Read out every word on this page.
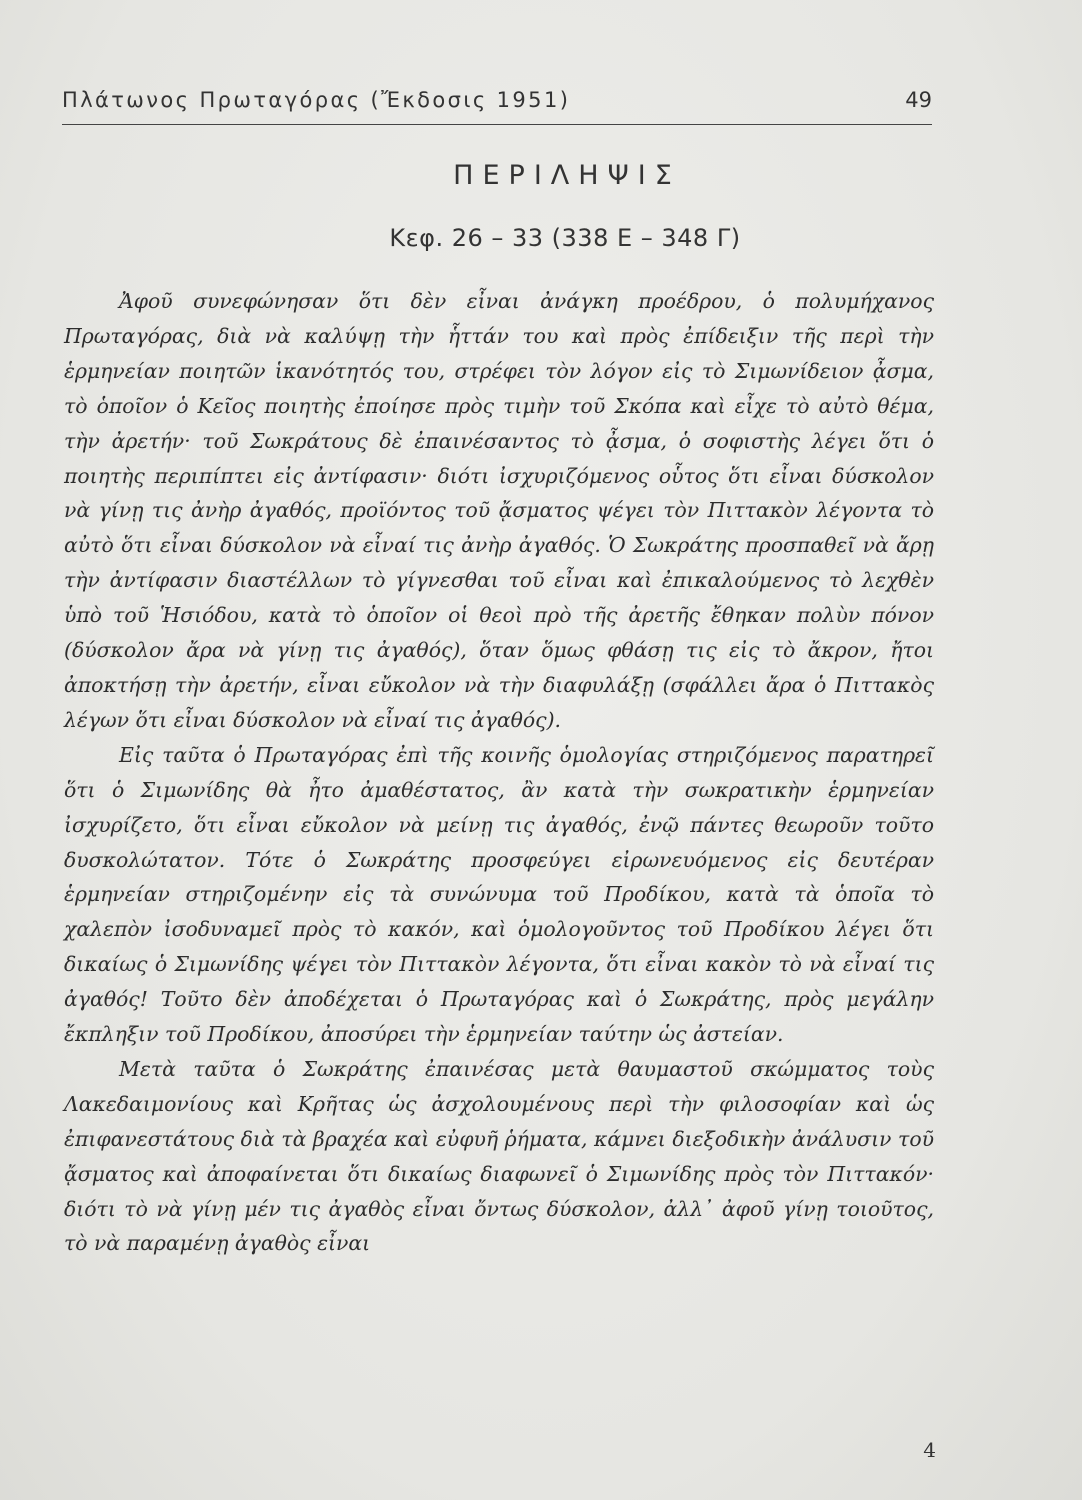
Πλάτωνος Πρωταγόρας (Ἔκδοσις 1951)	49
ΠΕΡΙΛΗΨΙΣ
Κεφ. 26 – 33 (338 Ε – 348 Γ)

Ἀφοῦ συνεφώνησαν ὅτι δὲν εἶναι ἀνάγκη προέδρου, ὁ πολυμήχανος Πρωταγόρας, διὰ νὰ καλύψῃ τὴν ἧττάν του καὶ πρὸς ἐπίδειξιν τῆς περὶ τὴν ἑρμηνείαν ποιητῶν ἱκανότητός του, στρέφει τὸν λόγον εἰς τὸ Σιμωνίδειον ᾆσμα, τὸ ὁποῖον ὁ Κεῖος ποιητὴς ἐποίησε πρὸς τιμὴν τοῦ Σκόπα καὶ εἶχε τὸ αὐτὸ θέμα, τὴν ἀρετήν· τοῦ Σωκράτους δὲ ἐπαινέσαντος τὸ ᾆσμα, ὁ σοφιστὴς λέγει ὅτι ὁ ποιητὴς περιπίπτει εἰς ἀντίφασιν· διότι ἰσχυριζόμενος οὗτος ὅτι εἶναι δύσκολον νὰ γίνῃ τις ἀνὴρ ἀγαθός, προϊόντος τοῦ ᾄσματος ψέγει τὸν Πιττακὸν λέγοντα τὸ αὐτὸ ὅτι εἶναι δύσκολον νὰ εἶναί τις ἀνὴρ ἀγαθός. Ὁ Σωκράτης προσπαθεῖ νὰ ἄρῃ τὴν ἀντίφασιν διαστέλλων τὸ γίγνεσθαι τοῦ εἶναι καὶ ἐπικαλούμενος τὸ λεχθὲν ὑπὸ τοῦ Ἡσιόδου, κατὰ τὸ ὁποῖον οἱ θεοὶ πρὸ τῆς ἀρετῆς ἔθηκαν πολὺν πόνον (δύσκολον ἄρα νὰ γίνῃ τις ἀγαθός), ὅταν ὅμως φθάσῃ τις εἰς τὸ ἄκρον, ἤτοι ἀποκτήσῃ τὴν ἀρετήν, εἶναι εὔκολον νὰ τὴν διαφυλάξῃ (σφάλλει ἄρα ὁ Πιττακὸς λέγων ὅτι εἶναι δύσκολον νὰ εἶναί τις ἀγαθός).

Εἰς ταῦτα ὁ Πρωταγόρας ἐπὶ τῆς κοινῆς ὁμολογίας στηριζόμενος παρατηρεῖ ὅτι ὁ Σιμωνίδης θὰ ἦτο ἀμαθέστατος, ἂν κατὰ τὴν σωκρατικὴν ἑρμηνείαν ἰσχυρίζετο, ὅτι εἶναι εὔκολον νὰ μείνῃ τις ἀγαθός, ἐνῷ πάντες θεωροῦν τοῦτο δυσκολώτατον. Τότε ὁ Σωκράτης προσφεύγει εἰρωνευόμενος εἰς δευτέραν ἑρμηνείαν στηριζομένην εἰς τὰ συνώνυμα τοῦ Προδίκου, κατὰ τὰ ὁποῖα τὸ χαλεπὸν ἰσοδυναμεῖ πρὸς τὸ κακόν, καὶ ὁμολογοῦντος τοῦ Προδίκου λέγει ὅτι δικαίως ὁ Σιμωνίδης ψέγει τὸν Πιττακὸν λέγοντα, ὅτι εἶναι κακὸν τὸ νὰ εἶναί τις ἀγαθός! Τοῦτο δὲν ἀποδέχεται ὁ Πρωταγόρας καὶ ὁ Σωκράτης, πρὸς μεγάλην ἔκπληξιν τοῦ Προδίκου, ἀποσύρει τὴν ἑρμηνείαν ταύτην ὡς ἀστείαν.

Μετὰ ταῦτα ὁ Σωκράτης ἐπαινέσας μετὰ θαυμαστοῦ σκώμματος τοὺς Λακεδαιμονίους καὶ Κρῆτας ὡς ἀσχολουμένους περὶ τὴν φιλοσοφίαν καὶ ὡς ἐπιφανεστάτους διὰ τὰ βραχέα καὶ εὐφυῆ ῥήματα, κάμνει διεξοδικὴν ἀνάλυσιν τοῦ ᾄσματος καὶ ἀποφαίνεται ὅτι δικαίως διαφωνεῖ ὁ Σιμωνίδης πρὸς τὸν Πιττακόν· διότι τὸ νὰ γίνῃ μέν τις ἀγαθὸς εἶναι ὄντως δύσκολον, ἀλλ᾽ ἀφοῦ γίνῃ τοιοῦτος, τὸ νὰ παραμένῃ ἀγαθὸς εἶναι

4
